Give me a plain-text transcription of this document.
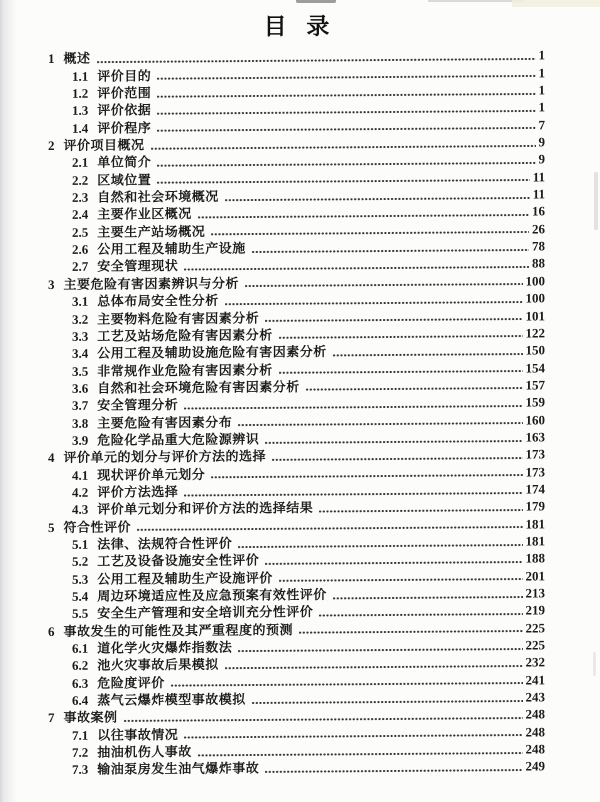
目 录
1 概述	1
1.1 评价目的	1
1.2 评价范围	1
1.3 评价依据	1
1.4 评价程序	7
2 评价项目概况	9
2.1 单位简介	9
2.2 区域位置	11
2.3 自然和社会环境概况	11
2.4 主要作业区概况	16
2.5 主要生产站场概况	26
2.6 公用工程及辅助生产设施	78
2.7 安全管理现状	88
3 主要危险有害因素辨识与分析	100
3.1 总体布局安全性分析	100
3.2 主要物料危险有害因素分析	101
3.3 工艺及站场危险有害因素分析	122
3.4 公用工程及辅助设施危险有害因素分析	150
3.5 非常规作业危险有害因素分析	154
3.6 自然和社会环境危险有害因素分析	157
3.7 安全管理分析	159
3.8 主要危险有害因素分布	160
3.9 危险化学品重大危险源辨识	163
4 评价单元的划分与评价方法的选择	173
4.1 现状评价单元划分	173
4.2 评价方法选择	174
4.3 评价单元划分和评价方法的选择结果	179
5 符合性评价	181
5.1 法律、法规符合性评价	181
5.2 工艺及设备设施安全性评价	188
5.3 公用工程及辅助生产设施评价	201
5.4 周边环境适应性及应急预案有效性评价	213
5.5 安全生产管理和安全培训充分性评价	219
6 事故发生的可能性及其严重程度的预测	225
6.1 道化学火灾爆炸指数法	225
6.2 池火灾事故后果模拟	232
6.3 危险度评价	241
6.4 蒸气云爆炸模型事故模拟	243
7 事故案例	248
7.1 以往事故情况	248
7.2 抽油机伤人事故	248
7.3 输油泵房发生油气爆炸事故	249
